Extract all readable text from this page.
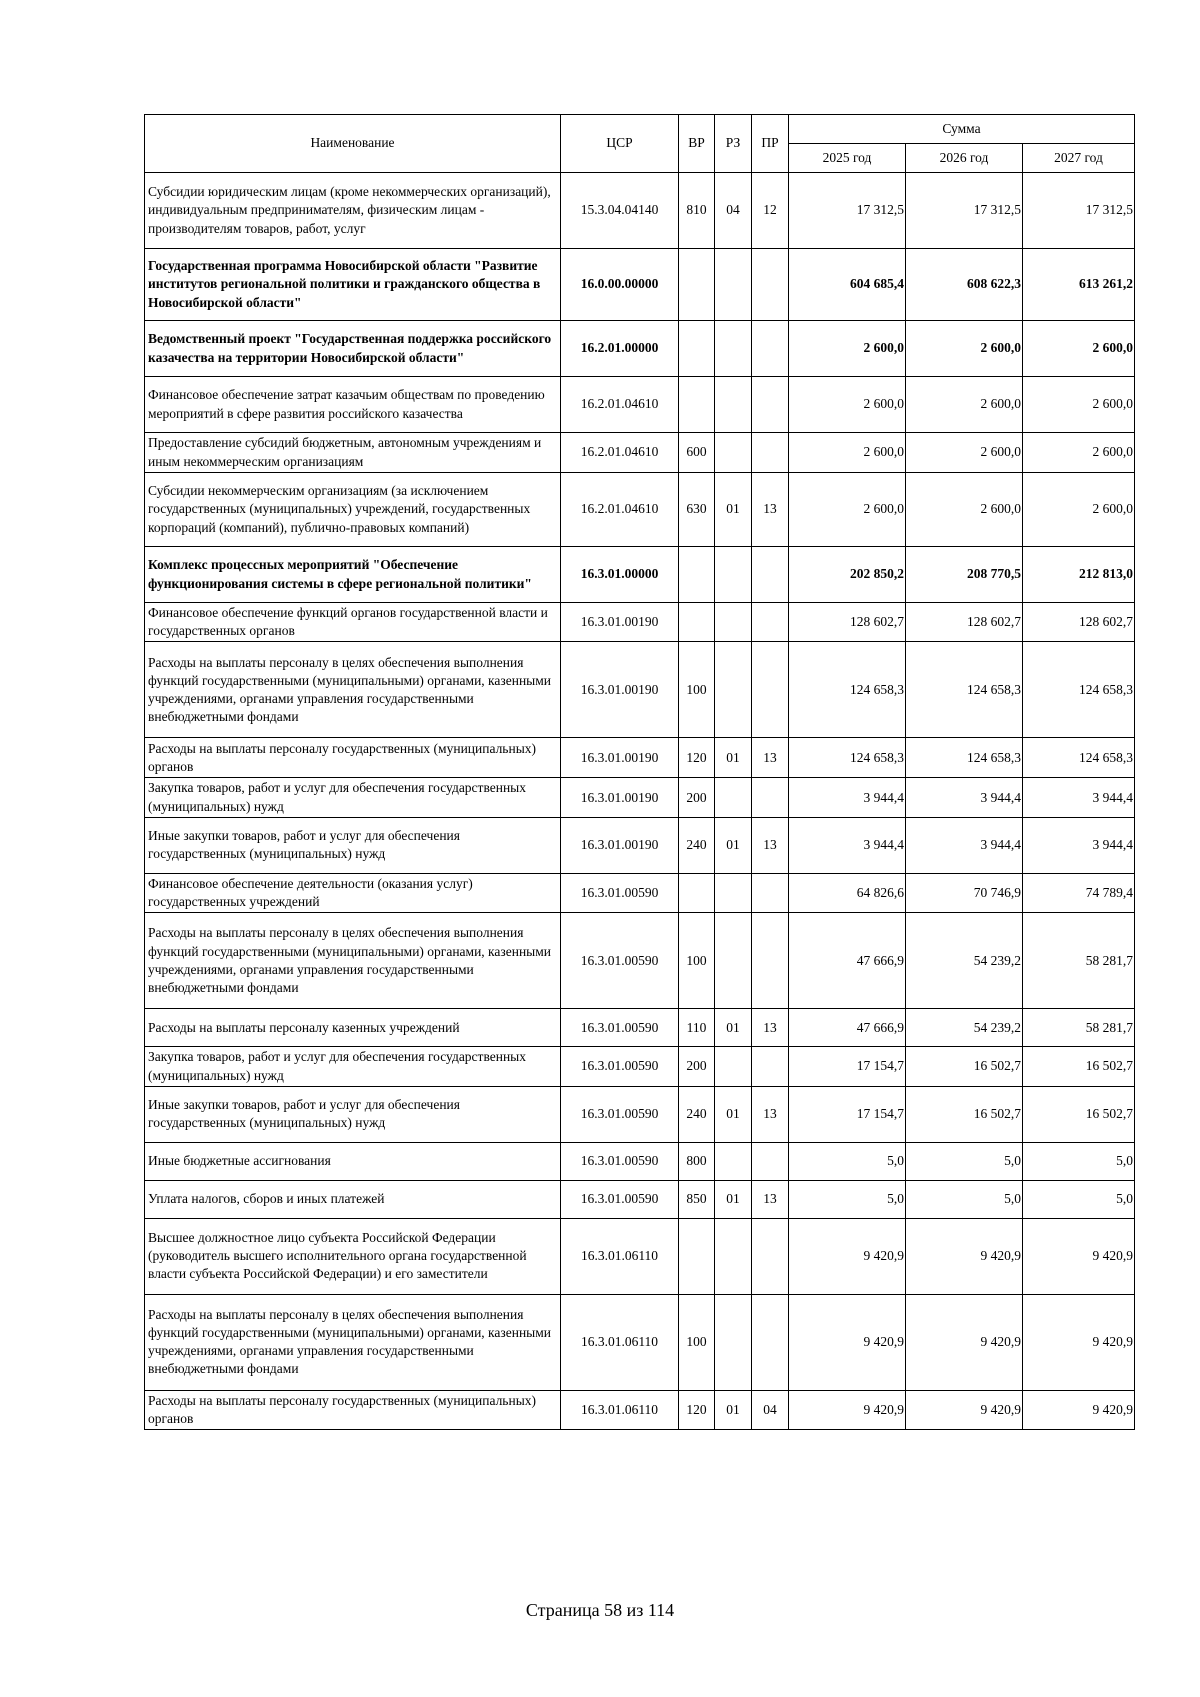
Наименование	ЦСР	ВР	РЗ	ПР	Сумма		
					2025 год	2026 год	2027 год
Субсидии юридическим лицам (кроме некоммерческих организаций), индивидуальным предпринимателям, физическим лицам - производителям товаров, работ, услуг	15.3.04.04140	810	04	12	17 312,5	17 312,5	17 312,5
Государственная программа Новосибирской области "Развитие институтов региональной политики и гражданского общества в Новосибирской области"	16.0.00.00000				604 685,4	608 622,3	613 261,2
Ведомственный проект "Государственная поддержка российского казачества на территории Новосибирской области"	16.2.01.00000				2 600,0	2 600,0	2 600,0
Финансовое обеспечение затрат казачьим обществам по проведению мероприятий в сфере развития российского казачества	16.2.01.04610				2 600,0	2 600,0	2 600,0
Предоставление субсидий бюджетным, автономным учреждениям и иным некоммерческим организациям	16.2.01.04610	600			2 600,0	2 600,0	2 600,0
Субсидии некоммерческим организациям (за исключением государственных (муниципальных) учреждений, государственных корпораций (компаний), публично-правовых компаний)	16.2.01.04610	630	01	13	2 600,0	2 600,0	2 600,0
Комплекс процессных мероприятий "Обеспечение функционирования системы в сфере региональной политики"	16.3.01.00000				202 850,2	208 770,5	212 813,0
Финансовое обеспечение функций органов государственной власти и государственных органов	16.3.01.00190				128 602,7	128 602,7	128 602,7
Расходы на выплаты персоналу в целях обеспечения выполнения функций государственными (муниципальными) органами, казенными учреждениями, органами управления государственными внебюджетными фондами	16.3.01.00190	100			124 658,3	124 658,3	124 658,3
Расходы на выплаты персоналу государственных (муниципальных) органов	16.3.01.00190	120	01	13	124 658,3	124 658,3	124 658,3
Закупка товаров, работ и услуг для обеспечения государственных (муниципальных) нужд	16.3.01.00190	200			3 944,4	3 944,4	3 944,4
Иные закупки товаров, работ и услуг для обеспечения государственных (муниципальных) нужд	16.3.01.00190	240	01	13	3 944,4	3 944,4	3 944,4
Финансовое обеспечение деятельности (оказания услуг) государственных учреждений	16.3.01.00590				64 826,6	70 746,9	74 789,4
Расходы на выплаты персоналу в целях обеспечения выполнения функций государственными (муниципальными) органами, казенными учреждениями, органами управления государственными внебюджетными фондами	16.3.01.00590	100			47 666,9	54 239,2	58 281,7
Расходы на выплаты персоналу казенных учреждений	16.3.01.00590	110	01	13	47 666,9	54 239,2	58 281,7
Закупка товаров, работ и услуг для обеспечения государственных (муниципальных) нужд	16.3.01.00590	200			17 154,7	16 502,7	16 502,7
Иные закупки товаров, работ и услуг для обеспечения государственных (муниципальных) нужд	16.3.01.00590	240	01	13	17 154,7	16 502,7	16 502,7
Иные бюджетные ассигнования	16.3.01.00590	800			5,0	5,0	5,0
Уплата налогов, сборов и иных платежей	16.3.01.00590	850	01	13	5,0	5,0	5,0
Высшее должностное лицо субъекта Российской Федерации (руководитель высшего исполнительного органа государственной власти субъекта Российской Федерации) и его заместители	16.3.01.06110				9 420,9	9 420,9	9 420,9
Расходы на выплаты персоналу в целях обеспечения выполнения функций государственными (муниципальными) органами, казенными учреждениями, органами управления государственными внебюджетными фондами	16.3.01.06110	100			9 420,9	9 420,9	9 420,9
Расходы на выплаты персоналу государственных (муниципальных) органов	16.3.01.06110	120	01	04	9 420,9	9 420,9	9 420,9
Страница 58 из 114
